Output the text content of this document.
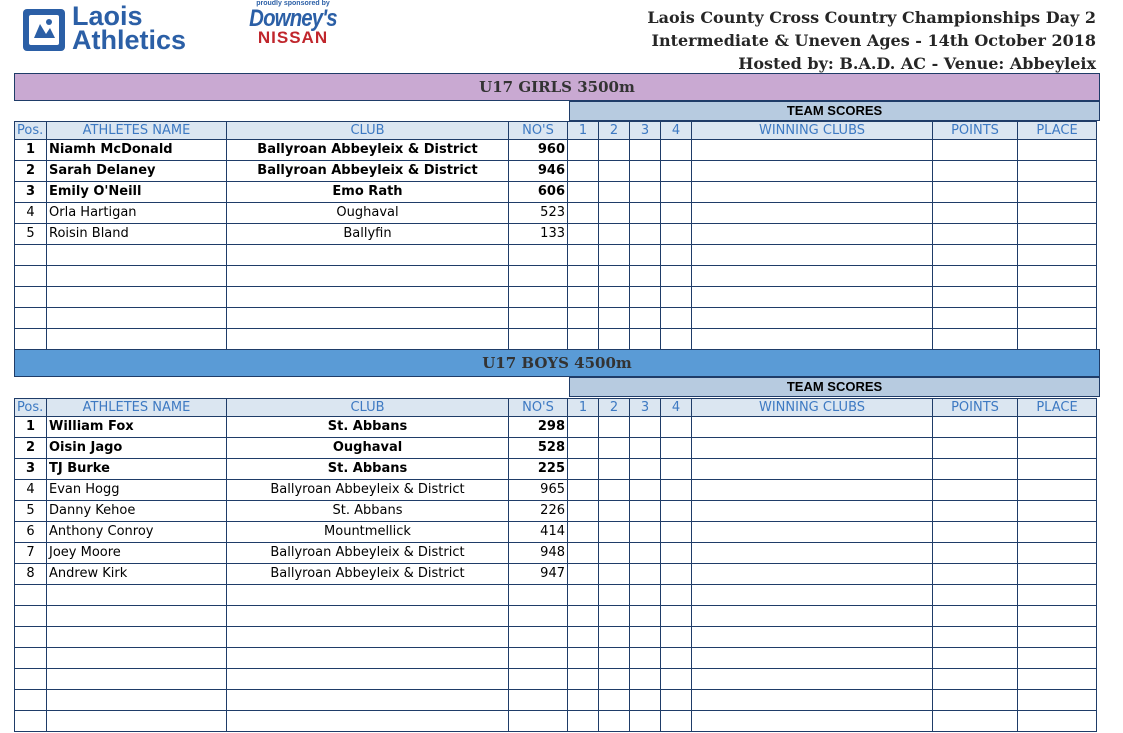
Laois
Athletics
proudly sponsored by
Downey's
NISSAN
Laois County Cross Country Championships Day 2
Intermediate & Uneven Ages - 14th October 2018
Hosted by: B.A.D. AC - Venue: Abbeyleix
U17 GIRLS 3500m
TEAM SCORES
Pos.	ATHLETES NAME	CLUB	NO'S	1	2	3	4	WINNING CLUBS	POINTS	PLACE
1	Niamh McDonald	Ballyroan Abbeyleix & District	960							
2	Sarah Delaney	Ballyroan Abbeyleix & District	946							
3	Emily O'Neill	Emo Rath	606							
4	Orla Hartigan	Oughaval	523							
5	Roisin Bland	Ballyfin	133							

U17 BOYS 4500m
TEAM SCORES
Pos.	ATHLETES NAME	CLUB	NO'S	1	2	3	4	WINNING CLUBS	POINTS	PLACE
1	William Fox	St. Abbans	298							
2	Oisin Jago	Oughaval	528							
3	TJ Burke	St. Abbans	225							
4	Evan Hogg	Ballyroan Abbeyleix & District	965							
5	Danny Kehoe	St. Abbans	226							
6	Anthony Conroy	Mountmellick	414							
7	Joey Moore	Ballyroan Abbeyleix & District	948							
8	Andrew Kirk	Ballyroan Abbeyleix & District	947							
